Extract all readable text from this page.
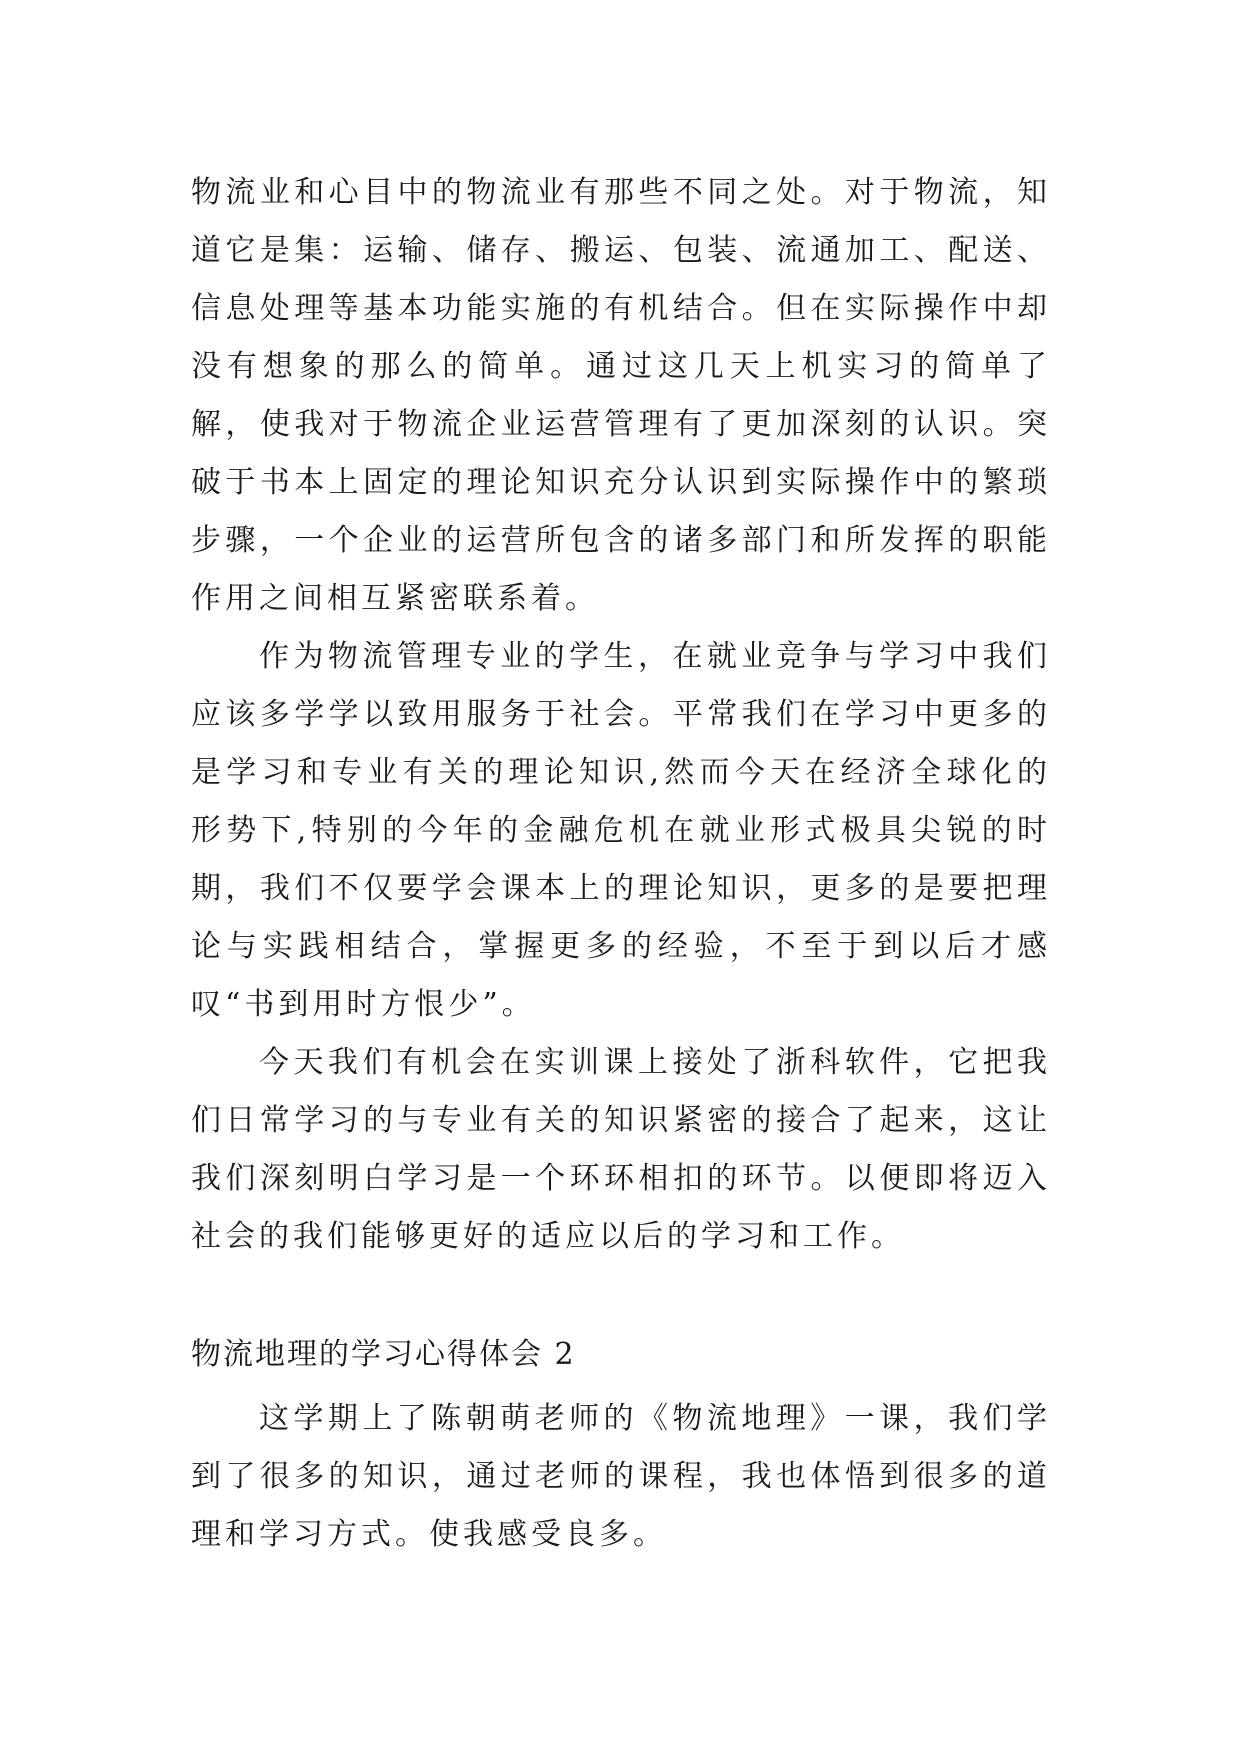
物流业和心目中的物流业有那些不同之处。对于物流，知道它是集：运输、储存、搬运、包装、流通加工、配送、信息处理等基本功能实施的有机结合。但在实际操作中却没有想象的那么的简单。通过这几天上机实习的简单了解，使我对于物流企业运营管理有了更加深刻的认识。突破于书本上固定的理论知识充分认识到实际操作中的繁琐步骤，一个企业的运营所包含的诸多部门和所发挥的职能作用之间相互紧密联系着。

作为物流管理专业的学生，在就业竞争与学习中我们应该多学学以致用服务于社会。平常我们在学习中更多的是学习和专业有关的理论知识,然而今天在经济全球化的形势下,特别的今年的金融危机在就业形式极具尖锐的时期，我们不仅要学会课本上的理论知识，更多的是要把理论与实践相结合，掌握更多的经验，不至于到以后才感叹“书到用时方恨少”。

今天我们有机会在实训课上接处了浙科软件，它把我们日常学习的与专业有关的知识紧密的接合了起来，这让我们深刻明白学习是一个环环相扣的环节。以便即将迈入社会的我们能够更好的适应以后的学习和工作。

物流地理的学习心得体会 2

这学期上了陈朝萌老师的《物流地理》一课，我们学到了很多的知识，通过老师的课程，我也体悟到很多的道理和学习方式。使我感受良多。
